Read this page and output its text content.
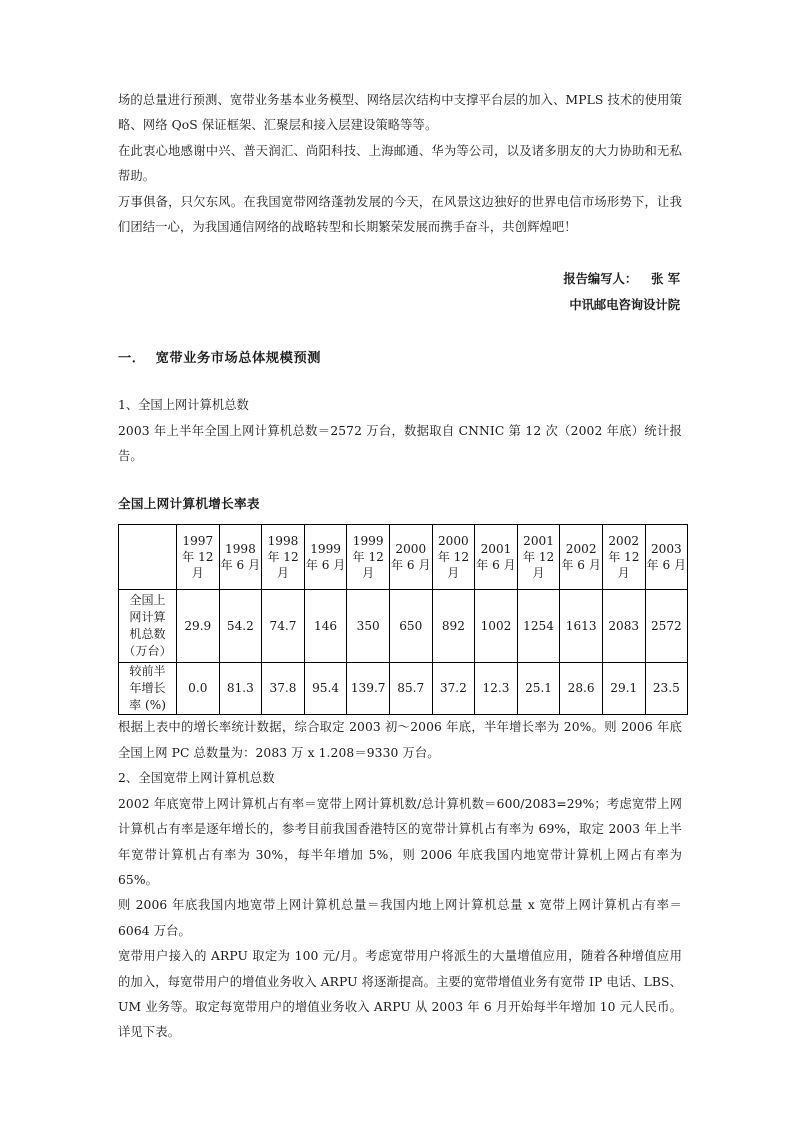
场的总量进行预测、宽带业务基本业务模型、网络层次结构中支撑平台层的加入、MPLS 技术的使用策略、网络 QoS 保证框架、汇聚层和接入层建设策略等等。

在此衷心地感谢中兴、普天润汇、尚阳科技、上海邮通、华为等公司，以及诸多朋友的大力协助和无私帮助。

万事俱备，只欠东风。在我国宽带网络蓬勃发展的今天，在风景这边独好的世界电信市场形势下，让我们团结一心，为我国通信网络的战略转型和长期繁荣发展而携手奋斗，共创辉煌吧！

报告编写人： 张 军
中讯邮电咨询设计院
一． 宽带业务市场总体规模预测

1、全国上网计算机总数

2003 年上半年全国上网计算机总数＝2572 万台，数据取自 CNNIC 第 12 次（2002 年底）统计报告。

全国上网计算机增长率表

	1997
年 12
月	1998
年 6 月	1998
年 12
月	1999
年 6 月	1999
年 12
月	2000
年 6 月	2000
年 12
月	2001
年 6 月	2001
年 12
月	2002
年 6 月	2002
年 12
月	2003
年 6 月

全国上
网计算
机总数
（万台）	29.9	54.2	74.7	146	350	650	892	1002	1254	1613	2083	2572

较前半
年增长
率 (%)	0.0	81.3	37.8	95.4	139.7	85.7	37.2	12.3	25.1	28.6	29.1	23.5

根据上表中的增长率统计数据，综合取定 2003 初～2006 年底，半年增长率为 20%。则 2006 年底全国上网 PC 总数量为：2083 万 x 1.208＝9330 万台。

2、全国宽带上网计算机总数

2002 年底宽带上网计算机占有率＝宽带上网计算机数/总计算机数＝600/2083=29%；考虑宽带上网计算机占有率是逐年增长的，参考目前我国香港特区的宽带计算机占有率为 69%，取定 2003 年上半年宽带计算机占有率为 30%，每半年增加 5%，则 2006 年底我国内地宽带计算机上网占有率为 65%。

则 2006 年底我国内地宽带上网计算机总量＝我国内地上网计算机总量 x 宽带上网计算机占有率＝6064 万台。

宽带用户接入的 ARPU 取定为 100 元/月。考虑宽带用户将派生的大量增值应用，随着各种增值应用的加入，每宽带用户的增值业务收入 ARPU 将逐渐提高。主要的宽带增值业务有宽带 IP 电话、LBS、UM 业务等。取定每宽带用户的增值业务收入 ARPU 从 2003 年 6 月开始每半年增加 10 元人民币。 详见下表。
